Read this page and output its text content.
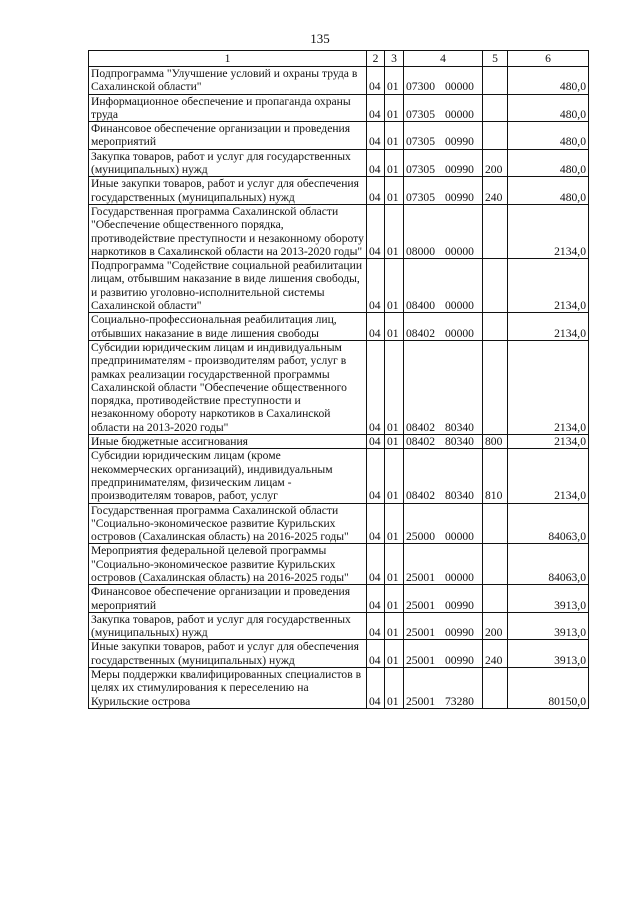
135
1	2	3	4	5	6
Подпрограмма "Улучшение условий и охраны труда в Сахалинской области"	04	01	07300 00000		480,0
Информационное обеспечение и пропаганда охраны труда	04	01	07305 00000		480,0
Финансовое обеспечение организации и проведения мероприятий	04	01	07305 00990		480,0
Закупка товаров, работ и услуг для государственных (муниципальных) нужд	04	01	07305 00990	200	480,0
Иные закупки товаров, работ и услуг для обеспечения государственных (муниципальных) нужд	04	01	07305 00990	240	480,0
Государственная программа Сахалинской области "Обеспечение общественного порядка, противодействие преступности и незаконному обороту наркотиков в Сахалинской области на 2013-2020 годы"	04	01	08000 00000		2134,0
Подпрограмма "Содействие социальной реабилитации лицам, отбывшим наказание в виде лишения свободы, и развитию уголовно-исполнительной системы Сахалинской области"	04	01	08400 00000		2134,0
Социально-профессиональная реабилитация лиц, отбывших наказание в виде лишения свободы	04	01	08402 00000		2134,0
Субсидии юридическим лицам и индивидуальным предпринимателям - производителям работ, услуг в рамках реализации государственной программы Сахалинской области "Обеспечение общественного порядка, противодействие преступности и незаконному обороту наркотиков в Сахалинской области на 2013-2020 годы"	04	01	08402 80340		2134,0
Иные бюджетные ассигнования	04	01	08402 80340	800	2134,0
Субсидии юридическим лицам (кроме некоммерческих организаций), индивидуальным предпринимателям, физическим лицам - производителям товаров, работ, услуг	04	01	08402 80340	810	2134,0
Государственная программа Сахалинской области "Социально-экономическое развитие Курильских островов (Сахалинская область) на 2016-2025 годы"	04	01	25000 00000		84063,0
Мероприятия федеральной целевой программы "Социально-экономическое развитие Курильских островов (Сахалинская область) на 2016-2025 годы"	04	01	25001 00000		84063,0
Финансовое обеспечение организации и проведения мероприятий	04	01	25001 00990		3913,0
Закупка товаров, работ и услуг для государственных (муниципальных) нужд	04	01	25001 00990	200	3913,0
Иные закупки товаров, работ и услуг для обеспечения государственных (муниципальных) нужд	04	01	25001 00990	240	3913,0
Меры поддержки квалифицированных специалистов в целях их стимулирования к переселению на Курильские острова	04	01	25001 73280		80150,0
